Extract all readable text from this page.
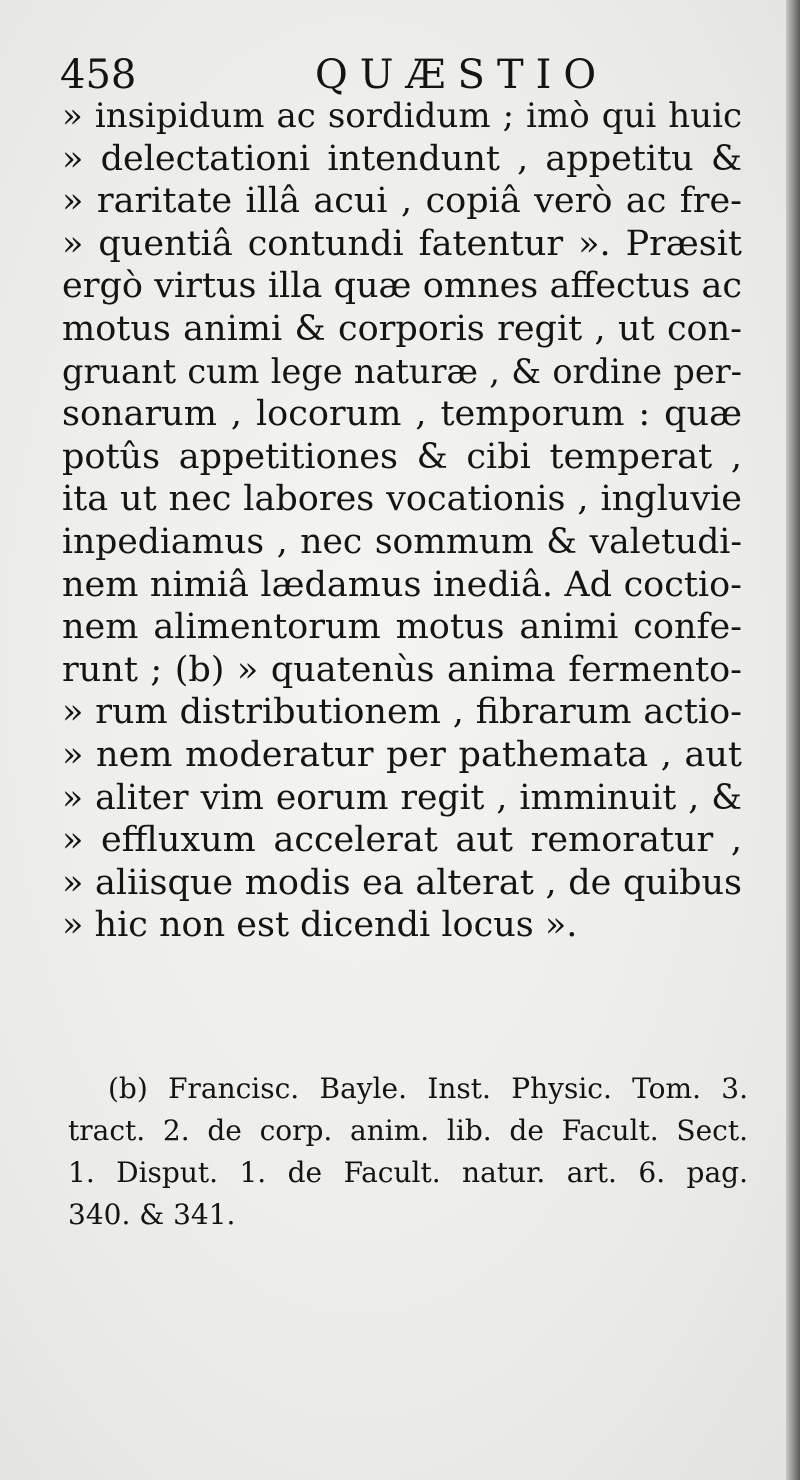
458	QUÆSTIO
» insipidum ac sordidum ; imò qui huic
» delectationi intendunt , appetitu &
» raritate illâ acui , copiâ verò ac fre-
» quentiâ contundi fatentur ». Præsit
ergò virtus illa quæ omnes affectus ac
motus animi & corporis regit , ut con-
gruant cum lege naturæ , & ordine per-
sonarum , locorum , temporum : quæ
potûs appetitiones & cibi temperat ,
ita ut nec labores vocationis , ingluvie
inpediamus , nec sommum & valetudi-
nem nimiâ lædamus inediâ. Ad coctio-
nem alimentorum motus animi confe-
runt ; (b) » quatenùs anima fermento-
» rum distributionem , fibrarum actio-
» nem moderatur per pathemata , aut
» aliter vim eorum regit , imminuit , &
» effluxum accelerat aut remoratur ,
» aliisque modis ea alterat , de quibus
» hic non est dicendi locus ».
(b) Francisc. Bayle. Inst. Physic. Tom. 3.
tract. 2. de corp. anim. lib. de Facult. Sect.
1. Disput. 1. de Facult. natur. art. 6. pag.
340. & 341.
